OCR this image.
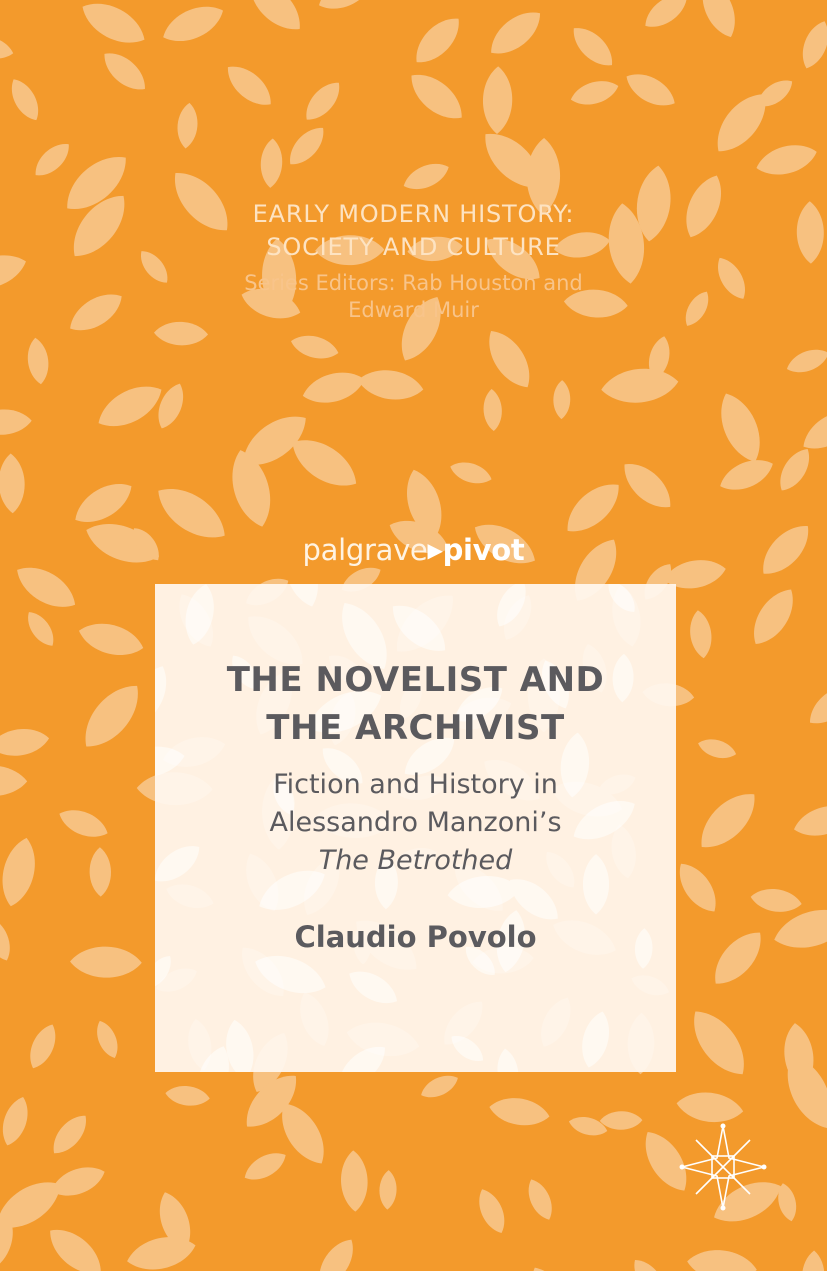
EARLY MODERN HISTORY:
SOCIETY AND CULTURE
Series Editors: Rab Houston and
Edward Muir
palgrave▶pivot
THE NOVELIST AND
THE ARCHIVIST
Fiction and History in
Alessandro Manzoni’s
The Betrothed
Claudio Povolo
